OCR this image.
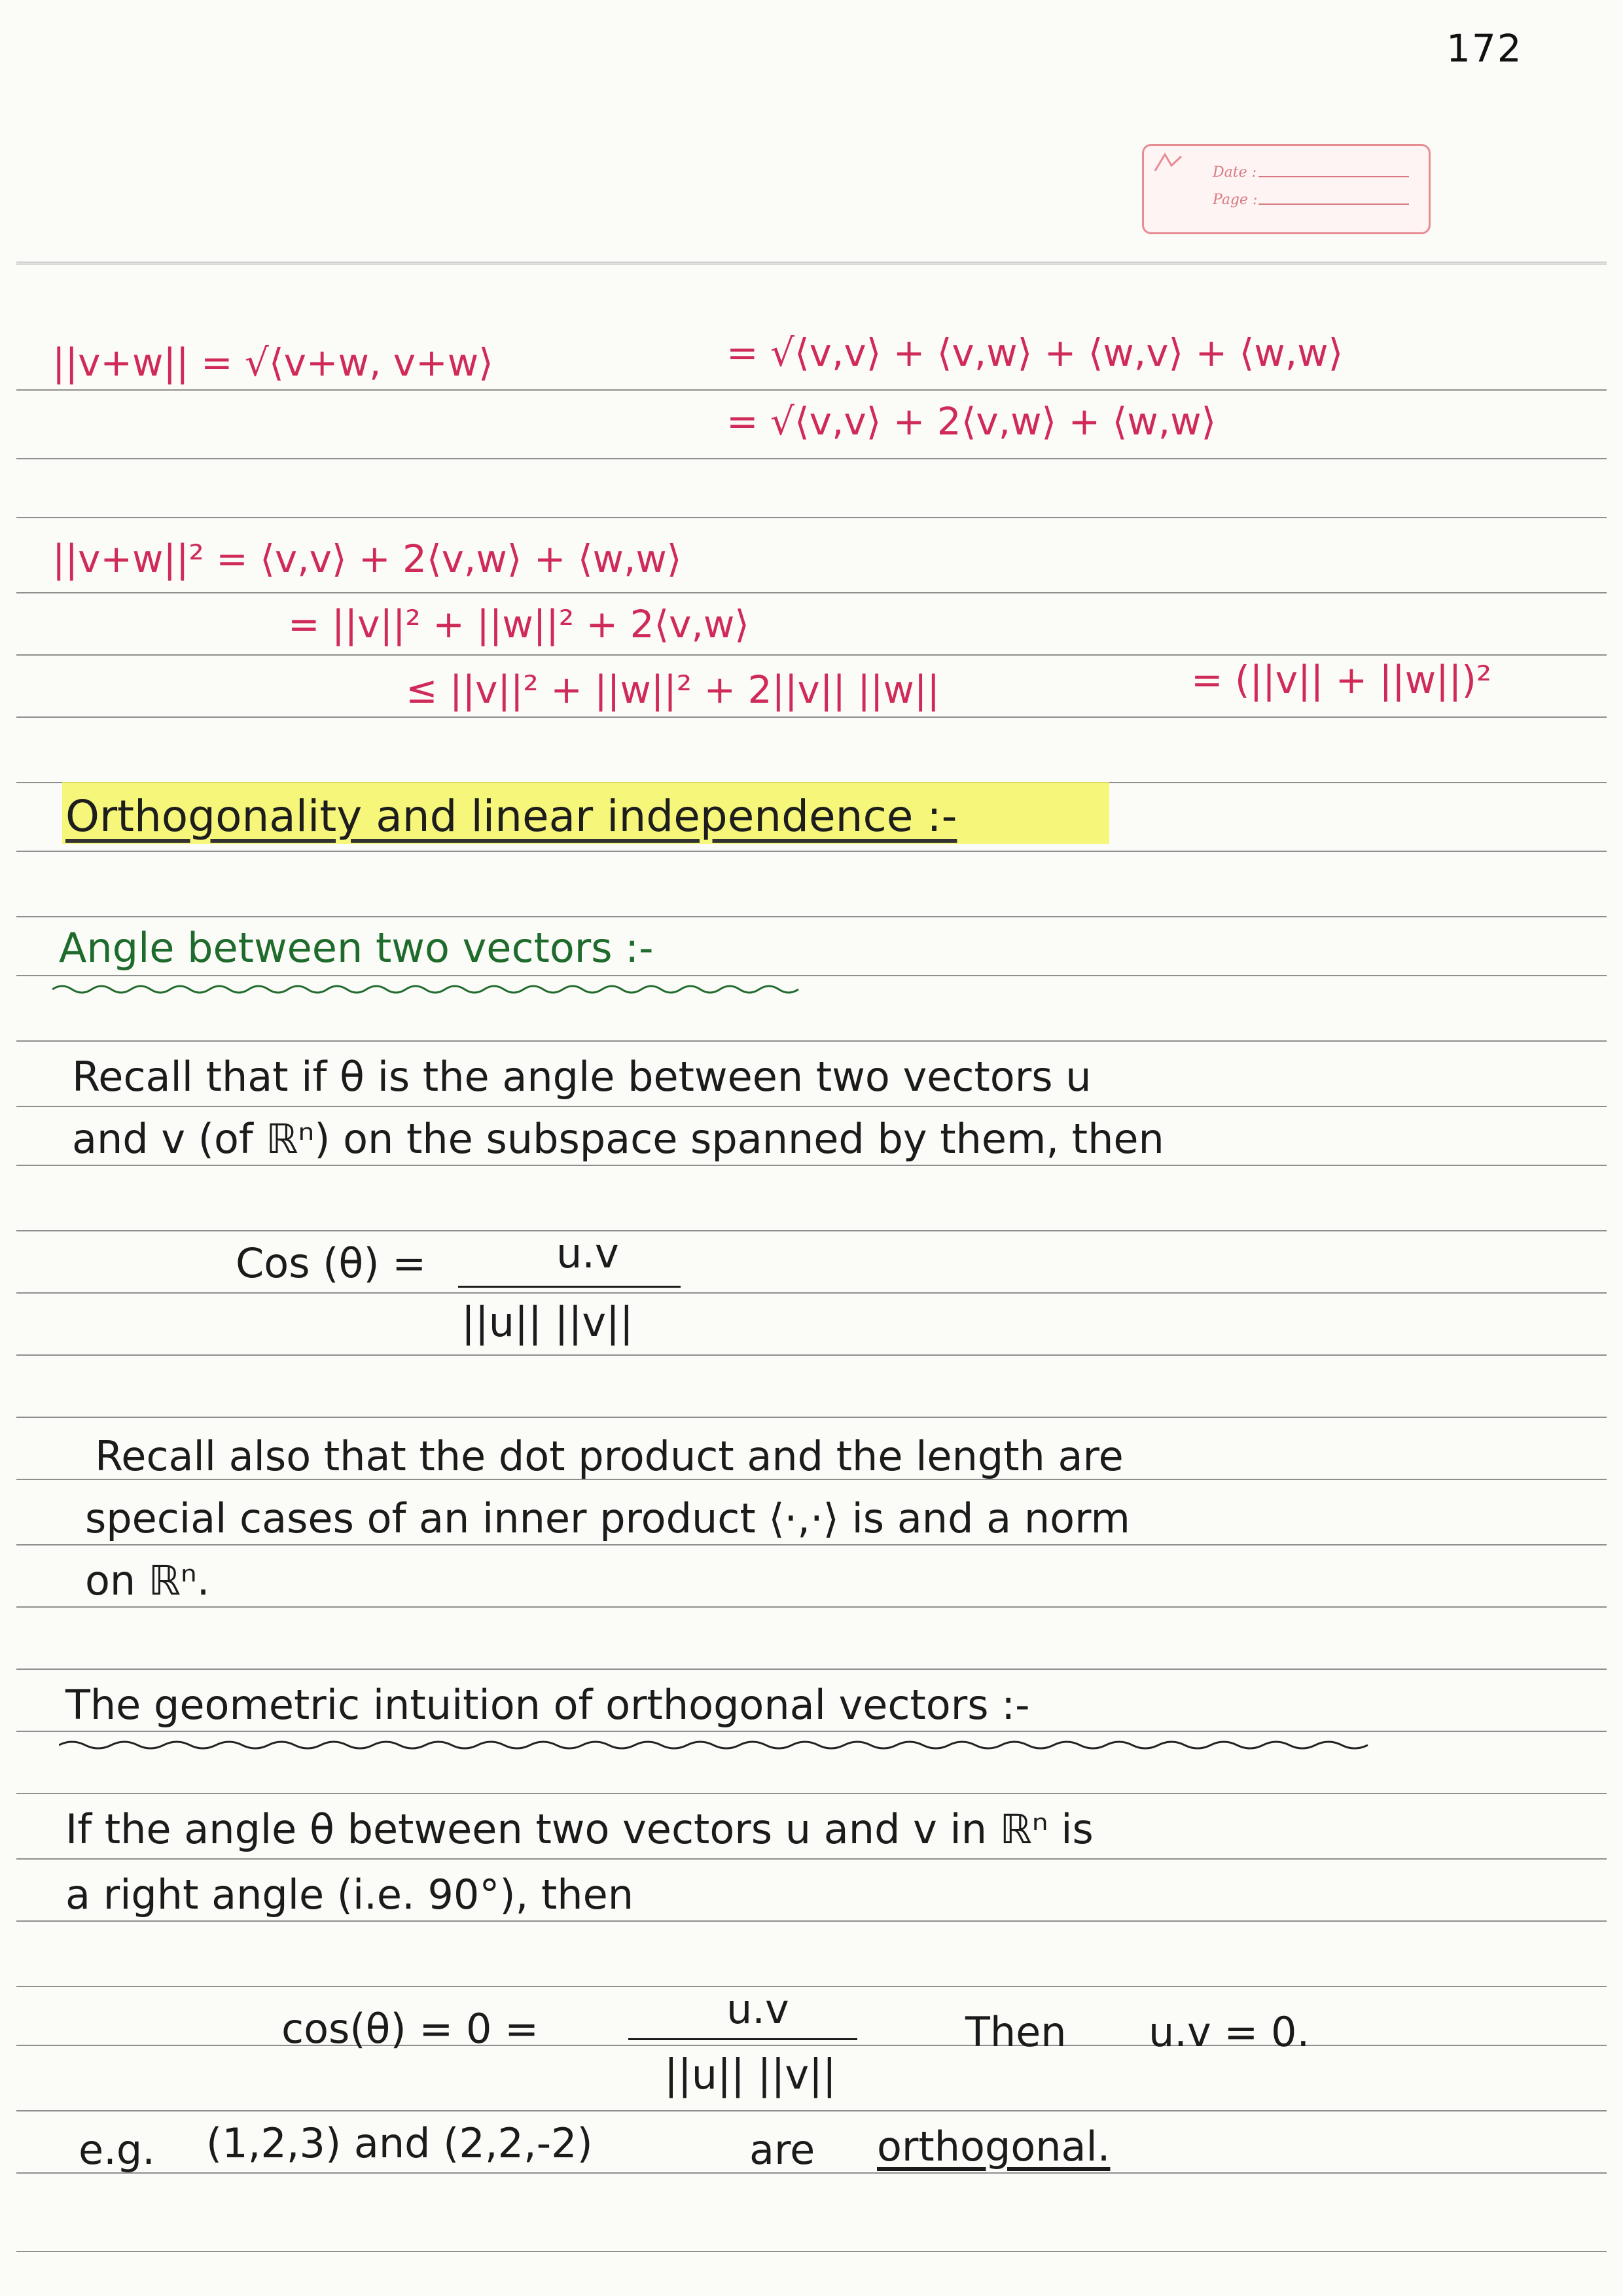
172
Date :
Page :
||v+w|| = √⟨v+w, v+w⟩	= √⟨v,v⟩ + ⟨v,w⟩ + ⟨w,v⟩ + ⟨w,w⟩
= √⟨v,v⟩ + 2⟨v,w⟩ + ⟨w,w⟩
||v+w||² = ⟨v,v⟩ + 2⟨v,w⟩ + ⟨w,w⟩
= ||v||² + ||w||² + 2⟨v,w⟩
≤ ||v||² + ||w||² + 2||v|| ||w||	= (||v|| + ||w||)²
Orthogonality and linear independence :-
Angle between two vectors :-
Recall that if θ is the angle between two vectors u
and v (of ℝⁿ) on the subspace spanned by them, then
Cos (θ) =	u.v
||u|| ||v||
Recall also that the dot product and the length are
special cases of an inner product ⟨·,·⟩ is and a norm
on ℝⁿ.
The geometric intuition of orthogonal vectors :-
If the angle θ between two vectors u and v in ℝⁿ is
a right angle (i.e. 90°), then
cos(θ) = 0 =	u.v
||u|| ||v||
Then u.v = 0.
e.g. (1,2,3) and (2,2,-2)	are orthogonal.
